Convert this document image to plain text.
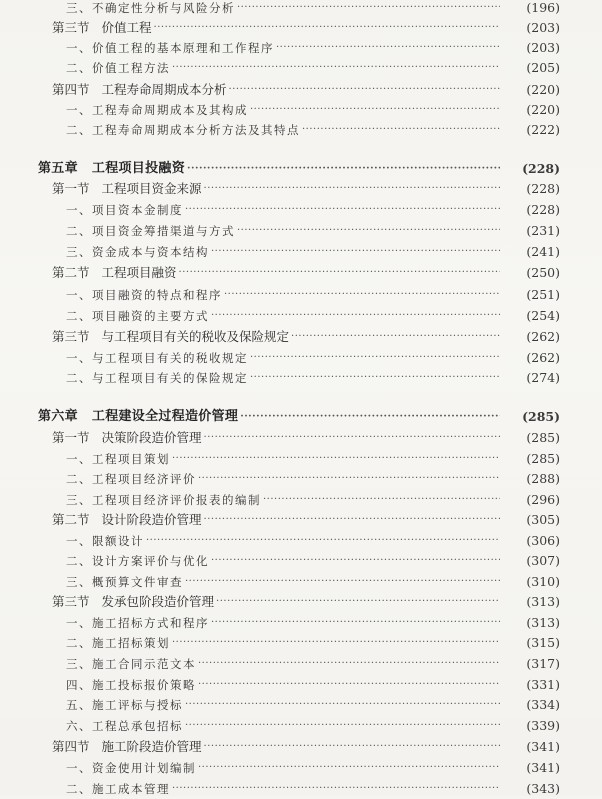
三、不确定性分析与风险分析 ·····	(196)
第三节 价值工程 ·····	(203)
一、价值工程的基本原理和工作程序 ·····	(203)
二、价值工程方法 ·····	(205)
第四节 工程寿命周期成本分析 ·····	(220)
一、工程寿命周期成本及其构成 ·····	(220)
二、工程寿命周期成本分析方法及其特点 ·····	(222)
第五章 工程项目投融资 ·····	(228)
第一节 工程项目资金来源 ·····	(228)
一、项目资本金制度 ·····	(228)
二、项目资金筹措渠道与方式 ·····	(231)
三、资金成本与资本结构 ·····	(241)
第二节 工程项目融资 ·····	(250)
一、项目融资的特点和程序 ·····	(251)
二、项目融资的主要方式 ·····	(254)
第三节 与工程项目有关的税收及保险规定 ·····	(262)
一、与工程项目有关的税收规定 ·····	(262)
二、与工程项目有关的保险规定 ·····	(274)
第六章 工程建设全过程造价管理 ·····	(285)
第一节 决策阶段造价管理 ·····	(285)
一、工程项目策划 ·····	(285)
二、工程项目经济评价 ·····	(288)
三、工程项目经济评价报表的编制 ·····	(296)
第二节 设计阶段造价管理 ·····	(305)
一、限额设计 ·····	(306)
二、设计方案评价与优化 ·····	(307)
三、概预算文件审查 ·····	(310)
第三节 发承包阶段造价管理 ·····	(313)
一、施工招标方式和程序 ·····	(313)
二、施工招标策划 ·····	(315)
三、施工合同示范文本 ·····	(317)
四、施工投标报价策略 ·····	(331)
五、施工评标与授标 ·····	(334)
六、工程总承包招标 ·····	(339)
第四节 施工阶段造价管理 ·····	(341)
一、资金使用计划编制 ·····	(341)
二、施工成本管理 ·····	(343)
